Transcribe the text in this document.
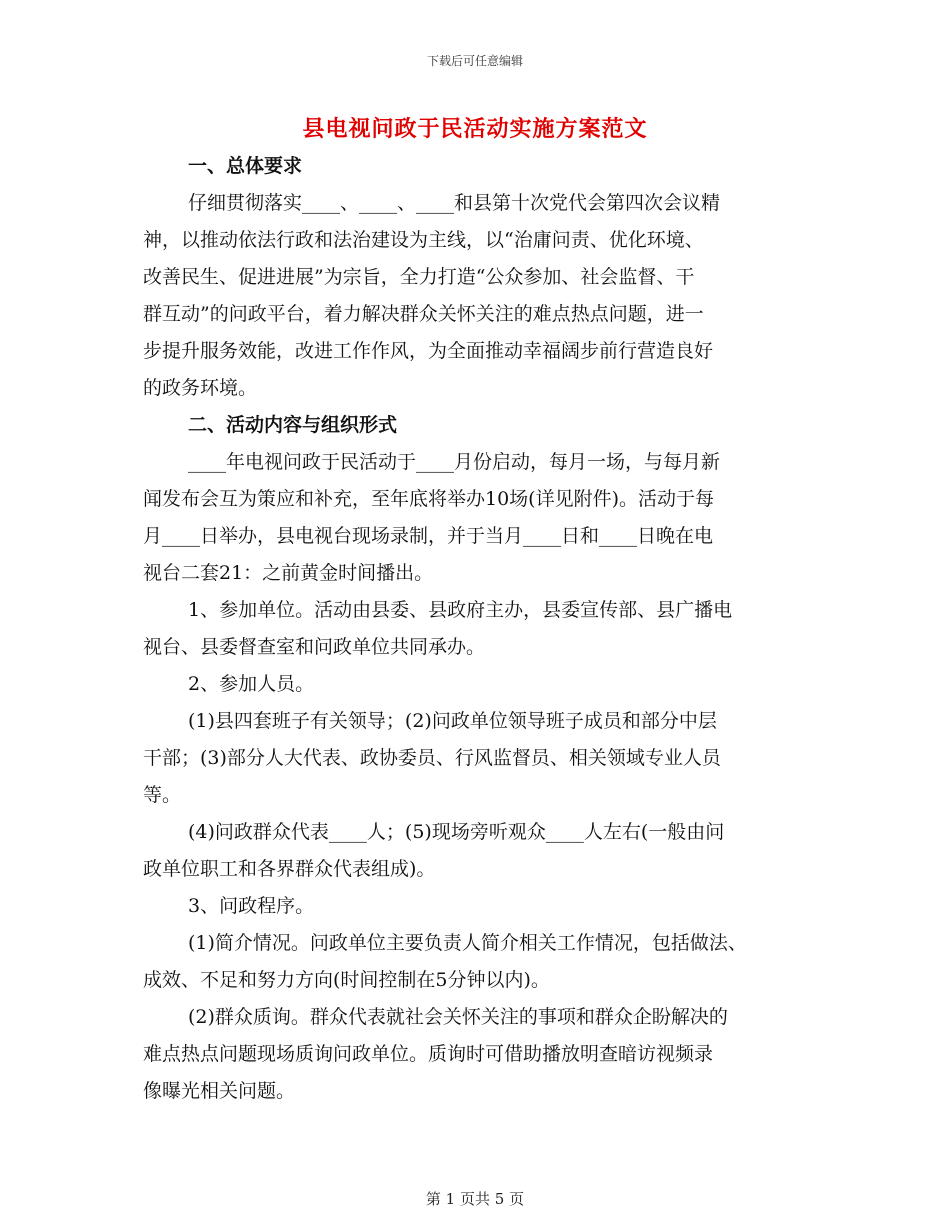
下载后可任意编辑
县电视问政于民活动实施方案范文
一、总体要求
仔细贯彻落实____、____、____和县第十次党代会第四次会议精
神，以推动依法行政和法治建设为主线，以“治庸问责、优化环境、
改善民生、促进进展”为宗旨，全力打造“公众参加、社会监督、干
群互动”的问政平台，着力解决群众关怀关注的难点热点问题，进一
步提升服务效能，改进工作作风，为全面推动幸福阔步前行营造良好
的政务环境。
二、活动内容与组织形式
____年电视问政于民活动于____月份启动，每月一场，与每月新
闻发布会互为策应和补充，至年底将举办10场(详见附件)。活动于每
月____日举办，县电视台现场录制，并于当月____日和____日晚在电
视台二套21：之前黄金时间播出。
1、参加单位。活动由县委、县政府主办，县委宣传部、县广播电
视台、县委督查室和问政单位共同承办。
2、参加人员。
(1)县四套班子有关领导；(2)问政单位领导班子成员和部分中层
干部；(3)部分人大代表、政协委员、行风监督员、相关领域专业人员
等。
(4)问政群众代表____人；(5)现场旁听观众____人左右(一般由问
政单位职工和各界群众代表组成)。
3、问政程序。
(1)简介情况。问政单位主要负责人简介相关工作情况，包括做法、
成效、不足和努力方向(时间控制在5分钟以内)。
(2)群众质询。群众代表就社会关怀关注的事项和群众企盼解决的
难点热点问题现场质询问政单位。质询时可借助播放明查暗访视频录
像曝光相关问题。
第 1 页共 5 页
